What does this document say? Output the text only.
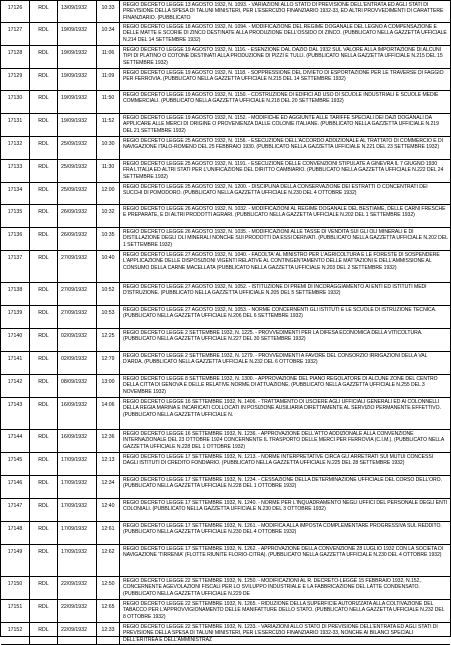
17126	RDL	13/09/1932	10:33	REGIO DECRETO LEGGE 13 AGOSTO 1932, N. 1093. - VARIAZIONI ALLO STATO DI PREVISIONE DELL'ENTRATA ED AGLI STATI DI PREVISIONE DELLA SPESA DI TALUNI MINISTERI, PER L'ESERCIZIO FINANZIARIO 1932-33, ED ALTRI PROVVEDIMENTI DI CARATTERE FINANZIARIO. (PUBBLICATO
17127	RDL	19/09/1932	10:34	REGIO DECRETO LEGGE 18 AGOSTO 1932, N. 1094. - MODIFICAZIONE DEL REGIME DOGANALE DEL LEGNO A COMPENSAZIONE E DELLE MATTE E SCORIE DI ZINCO DESTINATE ALLA PRODUZIONE DELL'OSSIDO DI ZINCO. (PUBBLICATO NELLA GAZZETTA UFFICIALE N.214 DEL 14 SETTEMBRE 1932)
17128	RDL	19/09/1932	11:06	REGIO DECRETO LEGGE 19 AGOSTO 1932, N. 1116. - ESENZIONE DAL DAZIO DAL 1932 SUL VALORE ALLA IMPORTAZIONE DI ALCUNI TIPI DI PLATINO O COTONE DESTINATI ALLA PRODUZIONE DI PIZZI E TULLI. (PUBBLICATO NELLA GAZZETTA UFFICIALE N.215 DEL 15 SETTEMBRE 1932)
17129	RDL	19/09/1932	11:09	REGIO DECRETO LEGGE 19 AGOSTO 1932, N. 1118. - SOPPRESSIONE DEL DIVIETO DI ESPORTAZIONE PER LE TRAVERSE DI FAGGIO PER FERROVIA. (PUBBLICATO NELLA GAZZETTA UFFICIALE N.215 DEL 14 SETTEMBRE 1932)
17130	RDL	19/09/1932	11:50	REGIO DECRETO LEGGE 19 AGOSTO 1932, N. 1150. - COSTRUZIONE DI EDIFICI AD USO DI SCUOLE INDUSTRIALI E SCUOLE MEDIE COMMERCIALI. (PUBBLICATO NELLA GAZZETTA UFFICIALE N.218 DEL 20 SETTEMBRE 1932)
17131	RDL	19/09/1932	11:52	REGIO DECRETO LEGGE 19 AGOSTO 1932, N. 1152. - MODIFICHE ED AGGIUNTE ALLE TARIFFE SPECIALI DEI DAZI DOGANALI DA APPLICARE ALLE MERCI DI ORIGINE O PROVENIENZA DALLE COLONIE ITALIANE. (PUBBLICATO NELLA GAZZETTA UFFICIALE N.219 DEL 21 SETTEMBRE 1932)
17132	RDL	25/09/1932	10:30	REGIO DECRETO LEGGE 25 AGOSTO 1932, N. 1156. - ESECUZIONE DELL'ACCORDO ADDIZIONALE AL TRATTATO DI COMMERCIO E DI NAVIGAZIONE ITALO-ROMENO DEL 25 FEBBRAIO 1930. (PUBBLICATO NELLA GAZZETTA UFFICIALE N.221 DEL 23 SETTEMBRE 1932)
17133	RDL	25/09/1932	11:30	REGIO DECRETO LEGGE 25 AGOSTO 1932, N. 1191. - ESECUZIONE DELLE CONVENZIONI STIPULATE A GINEVRA IL 7 GIUGNO 1930 FRA L'ITALIA ED ALTRI STATI PER L'UNIFICAZIONE DEL DIRITTO CAMBIARIO. (PUBBLICATO NELLA GAZZETTA UFFICIALE N.222 DEL 24 SETTEMBRE 1932)
17134	RDL	25/09/1932	12:00	REGIO DECRETO LEGGE 25 AGOSTO 1932, N. 1200. - DISCIPLINA DELLA CONSERVAZIONE DEI ESTRATTI O CONCENTRATI DEI SUCCHI DI POMODORO. (PUBBLICATO NELLA GAZZETTA UFFICIALE N.230 DEL 4 OTTOBRE 1932)
17135	RDL	26/09/1932	10:32	REGIO DECRETO LEGGE 26 AGOSTO 1932, N. 1032. - MODIFICAZIONI AL REGIME DOGANALE DEL BESTIAME, DELLE CARNI FRESCHE E PREPARATE, E DI ALTRI PRODOTTI AGRARI. (PUBBLICATO NELLA GAZZETTA UFFICIALE N.202 DEL 1 SETTEMBRE 1932)
17136	RDL	26/09/1932	10:35	REGIO DECRETO LEGGE 26 AGOSTO 1932, N. 1035. - MODIFICAZIONI ALLE TASSE DI VENDITA SUI GLI OLI MINERALI E DI DISTILLAZIONE DEGLI OLI MINERALI NONCHE SUI PRODOTTI DA ESSI DERIVATI. (PUBBLICATO NELLA GAZZETTA UFFICIALE N.202 DEL 1 SETTEMBRE 1932)
17137	RDL	27/09/1932	10:40	REGIO DECRETO LEGGE 27 AGOSTO 1932, N. 1040. - FACOLTA' AL MINISTRO PER L'AGRICOLTURA E LE FORESTE DI SOSPENDERE L'APPLICAZIONE DELLE DISPOSIZIONI VIGENTI RELATIVE AL CONTINGENTAMENTO DELLE MATTAZIONI E DELL'AMMISSIONE AL CONSUMO DELLA CARNE MACELLATA (PUBBLICATO NELLA GAZZETTA UFFICIALE N.203 DEL 2 SETTEMBRE 1932)
17138	RDL	27/09/1932	10:52	REGIO DECRETO LEGGE 27 AGOSTO 1932, N. 1052. - ISTITUZIONE DI PREMI DI INCORAGGIAMENTO AI ENTI ED ISTITUTI MEDI D'ISTRUZIONE. (PUBBLICATO NELLA GAZZETTA UFFICIALE N.205 DEL 5 SETTEMBRE 1932)
17139	RDL	27/09/1932	10:53	REGIO DECRETO LEGGE 27 AGOSTO 1932, N. 1053. - NORME CONCERNENTI GLI ISTITUTI E LE SCUOLE DI ISTRUZIONE TECNICA. (PUBBLICATO NELLA GAZZETTA UFFICIALE N.206 DEL 6 SETTEMBRE 1932)
17140	RDL	02/09/1932	12:25	REGIO DECRETO LEGGE 2 SETTEMBRE 1932, N. 1225. - PROVVEDIMENTI PER LA DIFESA ECONOMICA DELLA VITICOLTURA. (PUBBLICATO NELLA GAZZETTA UFFICIALE N.227 DEL 30 SETTEMBRE 1932)
17141	RDL	02/09/1932	12:79	REGIO DECRETO LEGGE 2 SETTEMBRE 1932, N. 1279. - PROVVEDIMENTI A FAVORE DEL CONSORZIO IRRIGAZIONI DELLA VAL D'ARDA. (PUBBLICATO NELLA GAZZETTA UFFICIALE N.232 DEL 6 OTTOBRE 1932)
17142	RDL	08/09/1932	13:00	REGIO DECRETO LEGGE 8 SETTEMBRE 1932, N. 1300. - APPROVAZIONE DEL PIANO REGOLATORE DI ALCUNE ZONE DEL CENTRO DELLA CITTA DI GENOVA E DELLE RELATIVE NORME DI ATTUAZIONE. (PUBBLICATO NELLA GAZZETTA UFFICIALE N.255 DEL 3 NOVEMBRE 1932)
17143	RDL	16/09/1932	14:06	REGIO DECRETO LEGGE 16 SETTEMBRE 1932, N. 1406. - TRATTAMENTO DI USCIERE AGLI UFFICIALI GENERALI ED AI COLONNELLI DELLA REGIA MARINA E INCARICATI COLLOCATI IN POSIZIONE AUSILIARIA DIRETTAMENTE AL SERVIZIO PERMANENTE EFFETTIVO. (PUBBLICATO NELLA GAZZETTA UFFICIALE N.
17144	RDL	16/09/1932	12:36	REGIO DECRETO LEGGE 16 SETTEMBRE 1932, N. 1236. - APPROVAZIONE DELL'ATTO ADDIZIONALE ALLA CONVENZIONE INTERNAZIONALE DEL 23 OTTOBRE 1924 CONCERNENTE IL TRASPORTO DELLE MERCI PER FERROVIA (C.I.M.). (PUBBLICATO NELLA GAZZETTA UFFICIALE N.228 DEL 1 OTTOBRE 1932)
17145	RDL	17/09/1932	12:13	REGIO DECRETO LEGGE 17 SETTEMBRE 1932, N. 1213. - NORME INTERPRETATIVE CIRCA GLI ARRETRATI SUI MUTUI CONCESSI DAGLI ISTITUTI DI CREDITO FONDIARIO. (PUBBLICATO NELLA GAZZETTA UFFICIALE N.225 DEL 28 SETTEMBRE 1932)
17146	RDL	17/09/1932	12:34	REGIO DECRETO LEGGE 17 SETTEMBRE 1932, N. 1234. - CESSAZIONE DELLA DETERMINAZIONE UFFICIALE DEL CORSO DELL'ORO. (PUBBLICATO NELLA GAZZETTA UFFICIALE N.228 DEL 1 OTTOBRE 1932)
17147	RDL	17/09/1932	12:40	REGIO DECRETO LEGGE 17 SETTEMBRE 1932, N. 1240. - NORME PER L'INQUADRAMENTO NEGLI UFFICI DEL PERSONALE DEGLI ENTI COLONIALI. (PUBBLICATO NELLA GAZZETTA UFFICIALE N.230 DEL 3 OTTOBRE 1932)
17148	RDL	17/09/1932	12:61	REGIO DECRETO LEGGE 17 SETTEMBRE 1932, N. 1261. - MODIFICA ALLA IMPOSTA COMPLEMENTARE PROGRESSIVA SUL REDDITO. (PUBBLICATO NELLA GAZZETTA UFFICIALE N.230 DEL 4 OTTOBRE 1932)
17149	RDL	17/09/1932	12:62	REGIO DECRETO LEGGE 17 SETTEMBRE 1932, N. 1262. - APPROVAZIONE DELLA CONVENZIONE 28 LUGLIO 1932 CON LA SOCIETA DI NAVIGAZIONE 'TIRRENIA' (FLOTTE RIUNITE FLORIO-CITRA). (PUBBLICATO NELLA GAZZETTA UFFICIALE N.230 DEL 4 OTTOBRE 1932)
17150	RDL	22/09/1932	12:50	REGIO DECRETO LEGGE 22 SETTEMBRE 1932, N. 1250. - MODIFICAZIONI AL R. DECRETO-LEGGE 15 FEBBRAIO 1932, N.152, CONCERNENTE AGEVOLAZIONI FISCALI PER LO SVILUPPO INDUSTRIALE E LA FABBRICAZIONE DEL LATTE CONDENSATO. (PUBBLICATO NELLA GAZZETTA UFFICIALE N.229 DE
17151	RDL	22/09/1932	12:65	REGIO DECRETO LEGGE 22 SETTEMBRE 1932, N. 1265. - RIDUZIONE DELLA SUPERFICIE AUTORIZZATA ALLA COLTIVAZIONE DEL TABACCO PER L'APPROVVIGIONAMENTO DELLE MANIFATTURE DELLO STATO. (PUBBLICATO NELLA GAZZETTA UFFICIALE N.232 DEL 8 OTTOBRE 1932)
17152	RDL	22/09/1932	12:33	REGIO DECRETO LEGGE 22 SETTEMBRE 1932, N. 1233. - VARIAZIONI ALLO STATO DI PREVISIONE DELL'ENTRATA ED AGLI STATI DI PREVISIONE DELLA SPESA DI TALUNI MINISTERI, PER L'ESERCIZIO FINANZIARIO 1932-33, NONCHE AI BILANCI SPECIALI DELL'ERITREA E DELL'AMMINISTRAZ
